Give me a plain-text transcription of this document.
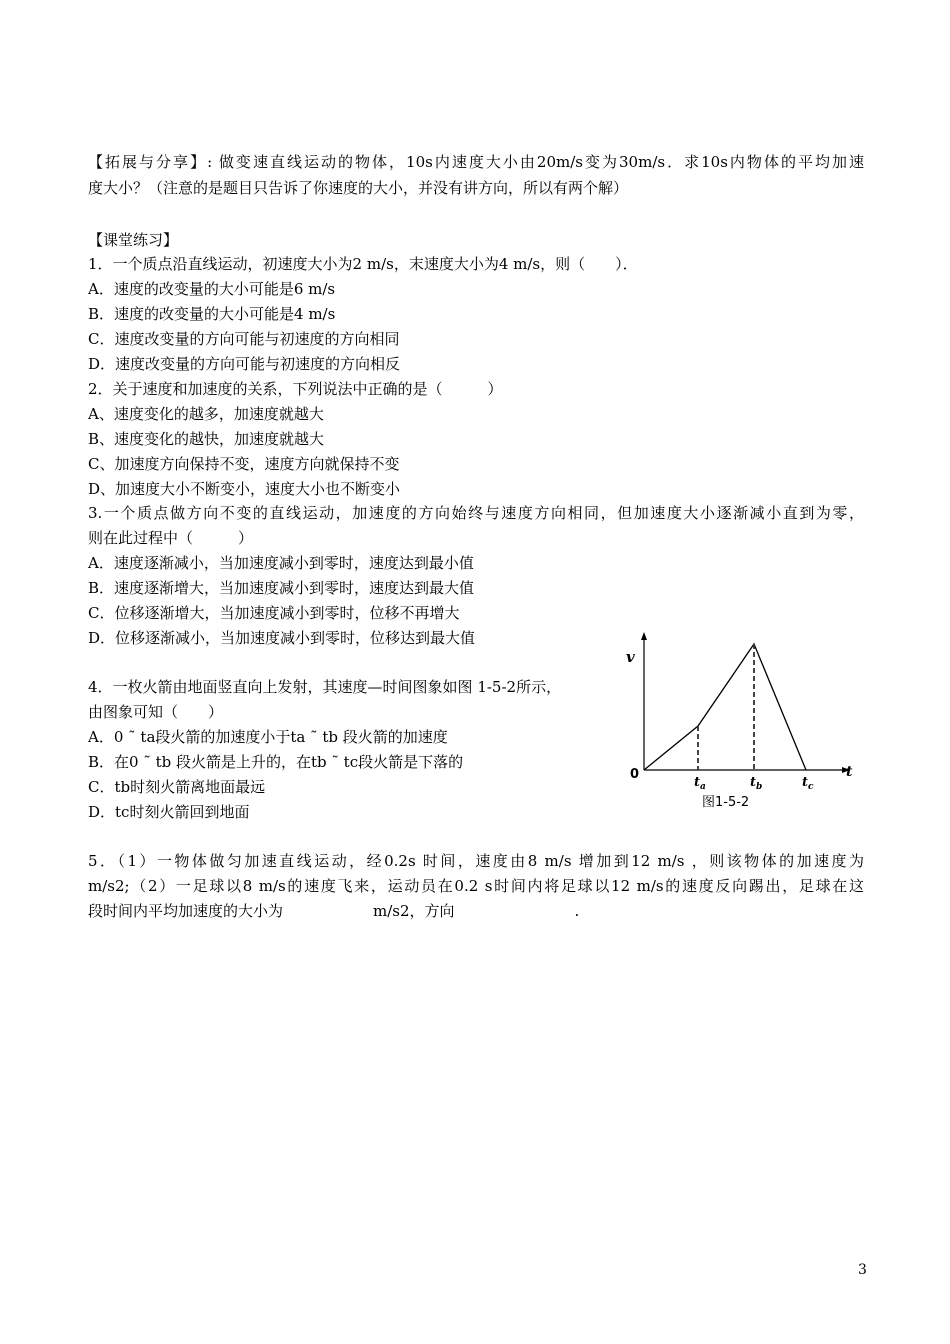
【拓展与分享】: 做变速直线运动的物体，10s内速度大小由20m/s变为30m/s．求10s内物体的平均加速
度大小？（注意的是题目只告诉了你速度的大小，并没有讲方向，所以有两个解）
【课堂练习】
1．一个质点沿直线运动，初速度大小为2 m/s，末速度大小为4 m/s，则（　　）．
A．速度的改变量的大小可能是6 m/s
B．速度的改变量的大小可能是4 m/s
C．速度改变量的方向可能与初速度的方向相同
D．速度改变量的方向可能与初速度的方向相反
2．关于速度和加速度的关系，下列说法中正确的是（　　　）
A、速度变化的越多，加速度就越大
B、速度变化的越快，加速度就越大
C、加速度方向保持不变，速度方向就保持不变
D、加速度大小不断变小，速度大小也不断变小
3.一个质点做方向不变的直线运动，加速度的方向始终与速度方向相同，但加速度大小逐渐减小直到为零，
则在此过程中（　　　）
A．速度逐渐减小，当加速度减小到零时，速度达到最小值
B．速度逐渐增大，当加速度减小到零时，速度达到最大值
C．位移逐渐增大，当加速度减小到零时，位移不再增大
D．位移逐渐减小，当加速度减小到零时，位移达到最大值
4．一枚火箭由地面竖直向上发射，其速度—时间图象如图 1-5-2所示，
由图象可知（　　）
A．0 ˜ ta段火箭的加速度小于ta ˜ tb 段火箭的加速度
B．在0 ˜ tb 段火箭是上升的，在tb ˜ tc段火箭是下落的
C．tb时刻火箭离地面最远
D．tc时刻火箭回到地面
v
t
0
$t_a$	$t_b$	$t_c$
图1-5-2
5．（1）一物体做匀加速直线运动，经0.2s 时间，速度由8 m/s 增加到12 m/s ，则该物体的加速度为
m/s2;（2）一足球以8 m/s的速度飞来，运动员在0.2 s时间内将足球以12 m/s的速度反向踢出，足球在这
段时间内平均加速度的大小为　　　　　　m/s2，方向　　　　　　　　.
3
